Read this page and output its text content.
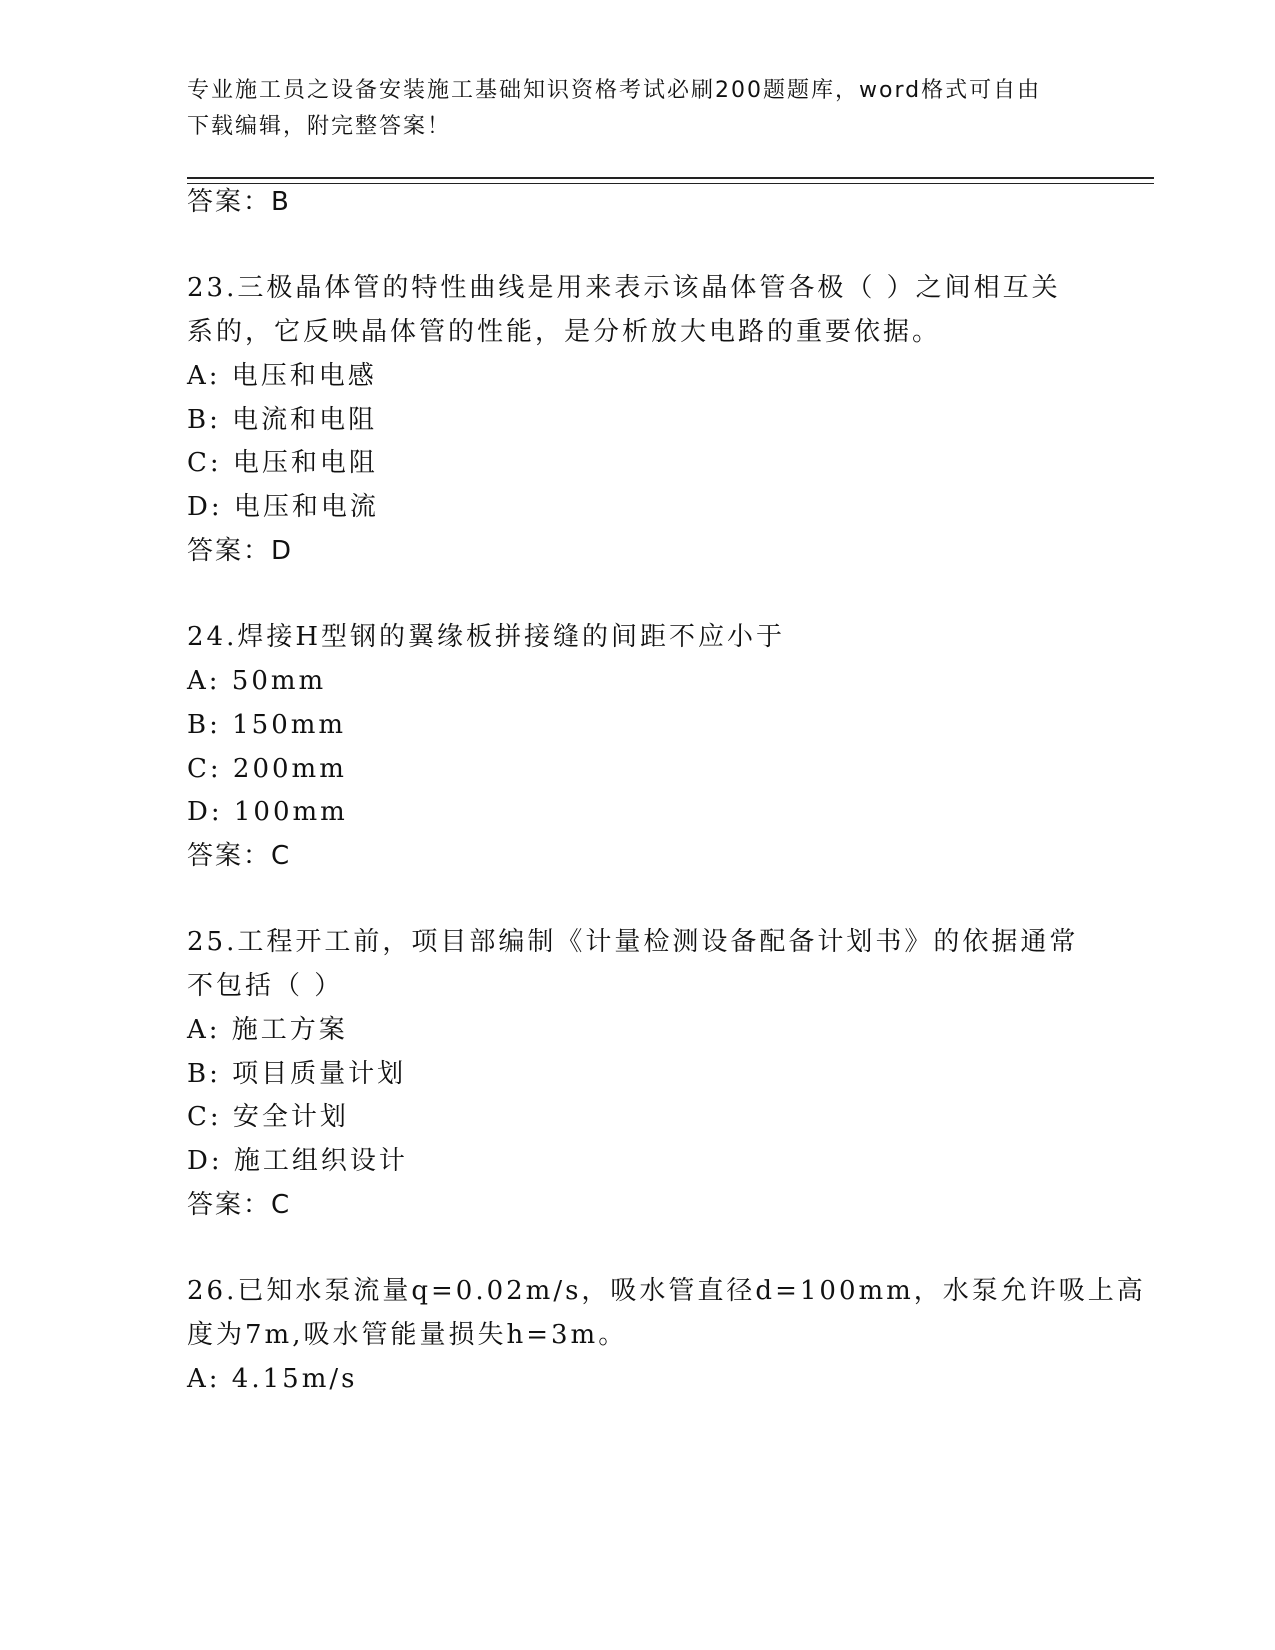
专业施工员之设备安装施工基础知识资格考试必刷200题题库，word格式可自由
下载编辑，附完整答案！
答案：B
23.三极晶体管的特性曲线是用来表示该晶体管各极（ ）之间相互关
系的，它反映晶体管的性能，是分析放大电路的重要依据。
A: 电压和电感
B: 电流和电阻
C: 电压和电阻
D: 电压和电流
答案：D
24.焊接H型钢的翼缘板拼接缝的间距不应小于
A: 50mm
B: 150mm
C: 200mm
D: 100mm
答案：C
25.工程开工前，项目部编制《计量检测设备配备计划书》的依据通常
不包括（ ）
A: 施工方案
B: 项目质量计划
C: 安全计划
D: 施工组织设计
答案：C
26.已知水泵流量q=0.02m/s，吸水管直径d=100mm，水泵允许吸上高
度为7m,吸水管能量损失h=3m。
A: 4.15m/s
